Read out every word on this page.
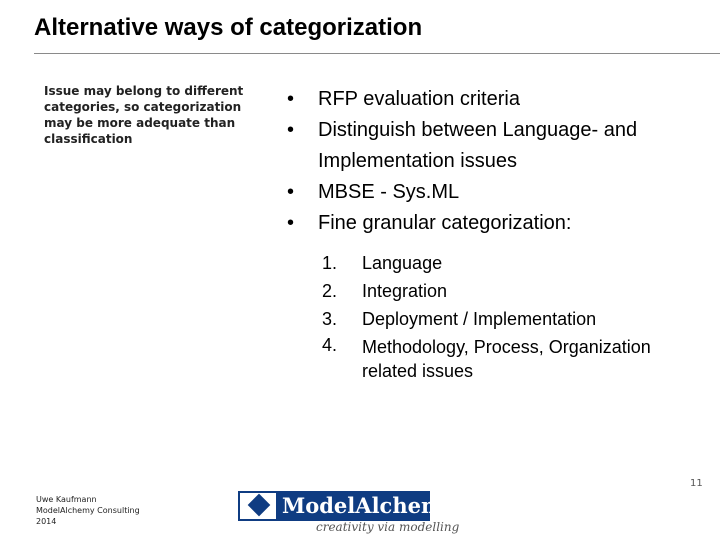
Alternative ways of categorization
Issue may belong to different categories, so categorization may be more adequate than classification
• RFP evaluation criteria
• Distinguish between Language- and Implementation issues
• MBSE - Sys.ML
• Fine granular categorization:
1. Language
2. Integration
3. Deployment / Implementation
4. Methodology, Process, Organization related issues
Uwe Kaufmann
ModelAlchemy Consulting
2014
ModelAlchemy
creativity via modelling
11
